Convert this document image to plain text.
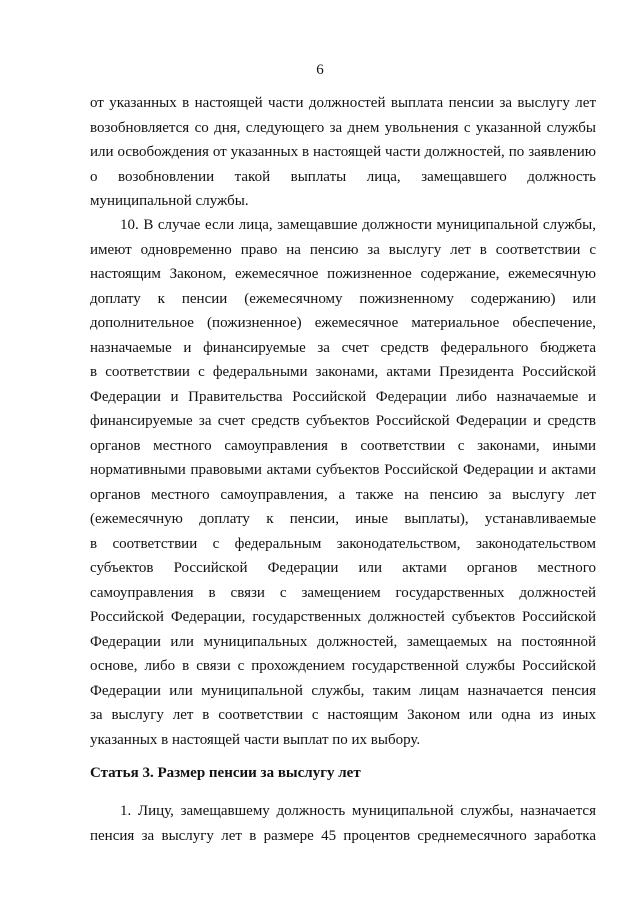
6
от указанных в настоящей части должностей выплата пенсии за выслугу лет
возобновляется со дня, следующего за днем увольнения с указанной службы
или освобождения от указанных в настоящей части должностей, по заявлению
о возобновлении такой выплаты лица, замещавшего должность
муниципальной службы.
10. В случае если лица, замещавшие должности муниципальной службы,
имеют одновременно право на пенсию за выслугу лет в соответствии с
настоящим Законом, ежемесячное пожизненное содержание, ежемесячную
доплату к пенсии (ежемесячному пожизненному содержанию) или
дополнительное (пожизненное) ежемесячное материальное обеспечение,
назначаемые и финансируемые за счет средств федерального бюджета
в соответствии с федеральными законами, актами Президента Российской
Федерации и Правительства Российской Федерации либо назначаемые и
финансируемые за счет средств субъектов Российской Федерации и средств
органов местного самоуправления в соответствии с законами, иными
нормативными правовыми актами субъектов Российской Федерации и актами
органов местного самоуправления, а также на пенсию за выслугу лет
(ежемесячную доплату к пенсии, иные выплаты), устанавливаемые
в соответствии с федеральным законодательством, законодательством
субъектов Российской Федерации или актами органов местного
самоуправления в связи с замещением государственных должностей
Российской Федерации, государственных должностей субъектов Российской
Федерации или муниципальных должностей, замещаемых на постоянной
основе, либо в связи с прохождением государственной службы Российской
Федерации или муниципальной службы, таким лицам назначается пенсия
за выслугу лет в соответствии с настоящим Законом или одна из иных
указанных в настоящей части выплат по их выбору.
Статья 3. Размер пенсии за выслугу лет
1. Лицу, замещавшему должность муниципальной службы, назначается
пенсия за выслугу лет в размере 45 процентов среднемесячного заработка
